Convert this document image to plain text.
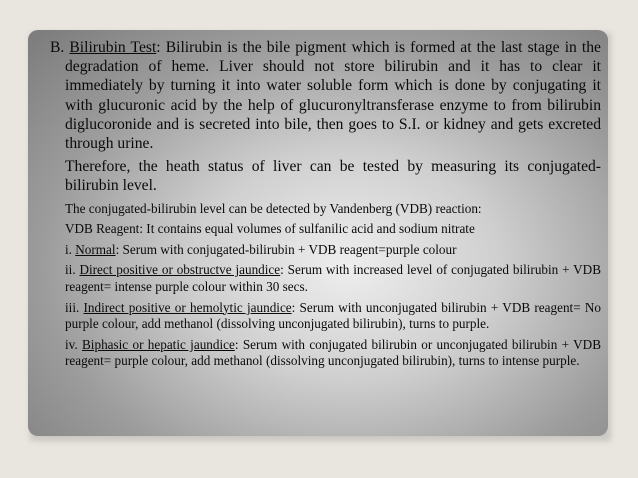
B. Bilirubin Test: Bilirubin is the bile pigment which is formed at the last stage in the degradation of heme. Liver should not store bilirubin and it has to clear it immediately by turning it into water soluble form which is done by conjugating it with glucuronic acid by the help of glucuronyltransferase enzyme to from bilirubin diglucoronide and is secreted into bile, then goes to S.I. or kidney and gets excreted through urine.

Therefore, the heath status of liver can be tested by measuring its conjugated-bilirubin level.

The conjugated-bilirubin level can be detected by Vandenberg (VDB) reaction:

VDB Reagent: It contains equal volumes of sulfanilic acid and sodium nitrate

i. Normal: Serum with conjugated-bilirubin + VDB reagent=purple colour

ii. Direct positive or obstructve jaundice: Serum with increased level of conjugated bilirubin + VDB reagent= intense purple colour within 30 secs.

iii. Indirect positive or hemolytic jaundice: Serum with unconjugated bilirubin + VDB reagent= No purple colour, add methanol (dissolving unconjugated bilirubin), turns to purple.

iv. Biphasic or hepatic jaundice: Serum with conjugated bilirubin or unconjugated bilirubin + VDB reagent= purple colour, add methanol (dissolving unconjugated bilirubin), turns to intense purple.
